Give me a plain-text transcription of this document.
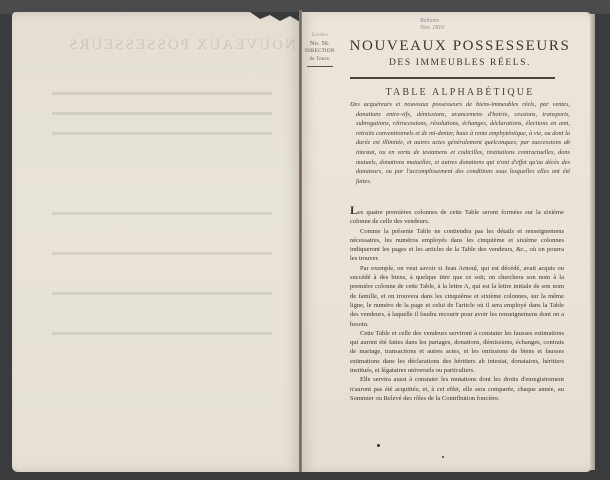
NOUVEAUX POSSESSEURS
Rebiens
Nov. 1810
Loches
No. 56.
DIRECTION
de Tours.
NOUVEAUX POSSESSEURS
DES IMMEUBLES RÉELS.
TABLE ALPHABÉTIQUE
Des acquéreurs et nouveaux possesseurs de biens-immeubles réels, par ventes, donations entre-vifs, démissions, avancemens d'hoirie, cessions, transports, subrogations, rétrocessions, résolutions, échanges, déclarations, élections en ami, retraits conventionnels et de mi-denier, baux à rente emphytéotique, à vie, ou dont la durée est illimitée, et autres actes généralement quelconques; par successions ab intestat, ou en vertu de testamens et codicilles, institutions contractuelles, dons mutuels, donations mutuelles, et autres donations qui n'ont d'effet qu'au décès des donateurs, ou par l'accomplissement des conditions sous lesquelles elles ont été faites.

Les quatre premières colonnes de cette Table seront formées sur la sixième colonne de celle des vendeurs.

Comme la présente Table ne contiendra pas les détails et renseignemens nécessaires, les numéros employés dans les cinquième et sixième colonnes indiqueront les pages et les articles de la Table des vendeurs, &c., où on pourra les trouver.

Par exemple, on veut savoir si Jean Arnoul, qui est décédé, avait acquis ou succédé à des biens, à quelque titre que ce soit; on cherchera son nom à la première colonne de cette Table, à la lettre A, qui est la lettre initiale de son nom de famille, et on trouvera dans les cinquième et sixième colonnes, sur la même ligne, le numéro de la page et celui de l'article où il sera employé dans la Table des vendeurs, à laquelle il faudra recourir pour avoir les renseignemens dont on a besoin.

Cette Table et celle des vendeurs serviront à constater les fausses estimations qui auront été faites dans les partages, donations, démissions, échanges, contrats de mariage, transactions et autres actes, et les omissions de biens et fausses estimations dans les déclarations des héritiers ab intestat, donataires, héritiers institués, et légataires universels ou particuliers.

Elle servira aussi à constater les mutations dont les droits d'enregistrement n'auront pas été acquittés; et, à cet effet, elle sera comparée, chaque année, au Sommier ou Relevé des rôles de la Contribution foncière.
